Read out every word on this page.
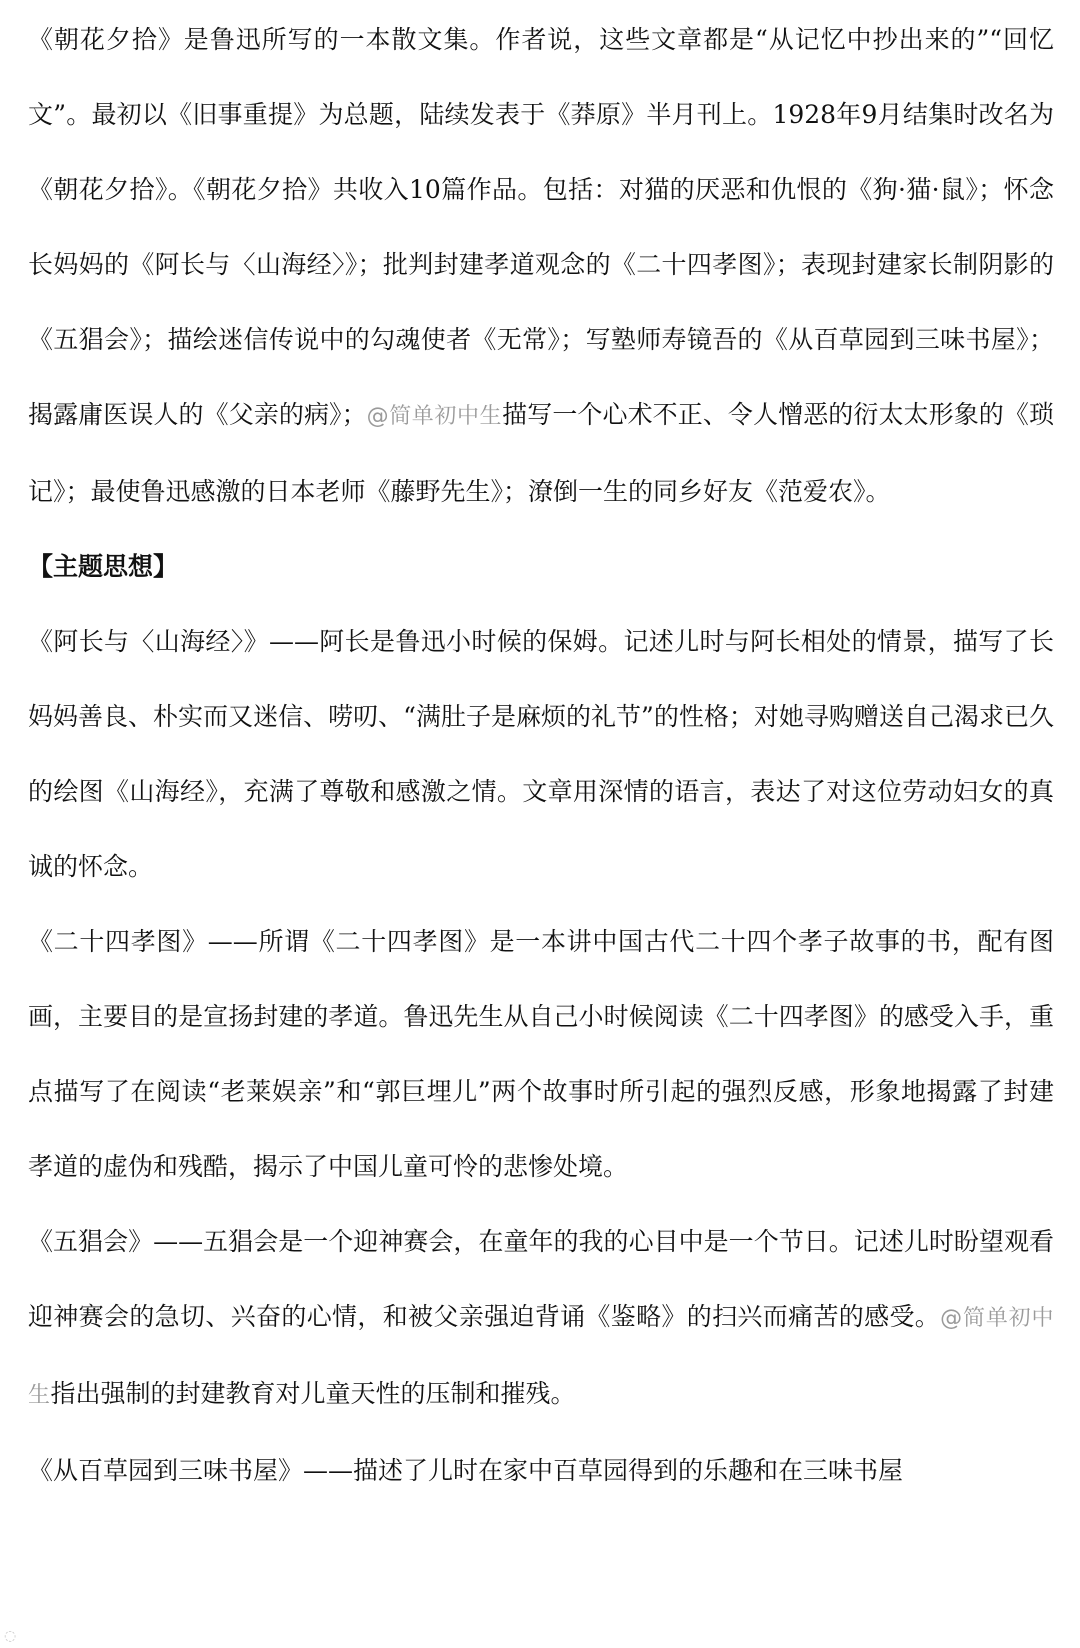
《朝花夕拾》是鲁迅所写的一本散文集。作者说，这些文章都是“从记忆中抄出来的”“回忆文”。最初以《旧事重提》为总题，陆续发表于《莽原》半月刊上。1928年9月结集时改名为《朝花夕拾》。《朝花夕拾》共收入10篇作品。包括：对猫的厌恶和仇恨的《狗·猫·鼠》；怀念长妈妈的《阿长与〈山海经〉》；批判封建孝道观念的《二十四孝图》；表现封建家长制阴影的《五猖会》；描绘迷信传说中的勾魂使者《无常》；写塾师寿镜吾的《从百草园到三味书屋》；揭露庸医误人的《父亲的病》；@简单初中生描写一个心术不正、令人憎恶的衍太太形象的《琐记》；最使鲁迅感激的日本老师《藤野先生》；潦倒一生的同乡好友《范爱农》。

【主题思想】

《阿长与〈山海经〉》——阿长是鲁迅小时候的保姆。记述儿时与阿长相处的情景，描写了长妈妈善良、朴实而又迷信、唠叨、“满肚子是麻烦的礼节”的性格；对她寻购赠送自己渴求已久的绘图《山海经》，充满了尊敬和感激之情。文章用深情的语言，表达了对这位劳动妇女的真诚的怀念。

《二十四孝图》——所谓《二十四孝图》是一本讲中国古代二十四个孝子故事的书，配有图画，主要目的是宣扬封建的孝道。鲁迅先生从自己小时候阅读《二十四孝图》的感受入手，重点描写了在阅读“老莱娱亲”和“郭巨埋儿”两个故事时所引起的强烈反感，形象地揭露了封建孝道的虚伪和残酷，揭示了中国儿童可怜的悲惨处境。

《五猖会》——五猖会是一个迎神赛会，在童年的我的心目中是一个节日。记述儿时盼望观看迎神赛会的急切、兴奋的心情，和被父亲强迫背诵《鉴略》的扫兴而痛苦的感受。@简单初中生指出强制的封建教育对儿童天性的压制和摧残。

《从百草园到三味书屋》——描述了儿时在家中百草园得到的乐趣和在三味书屋

◌
